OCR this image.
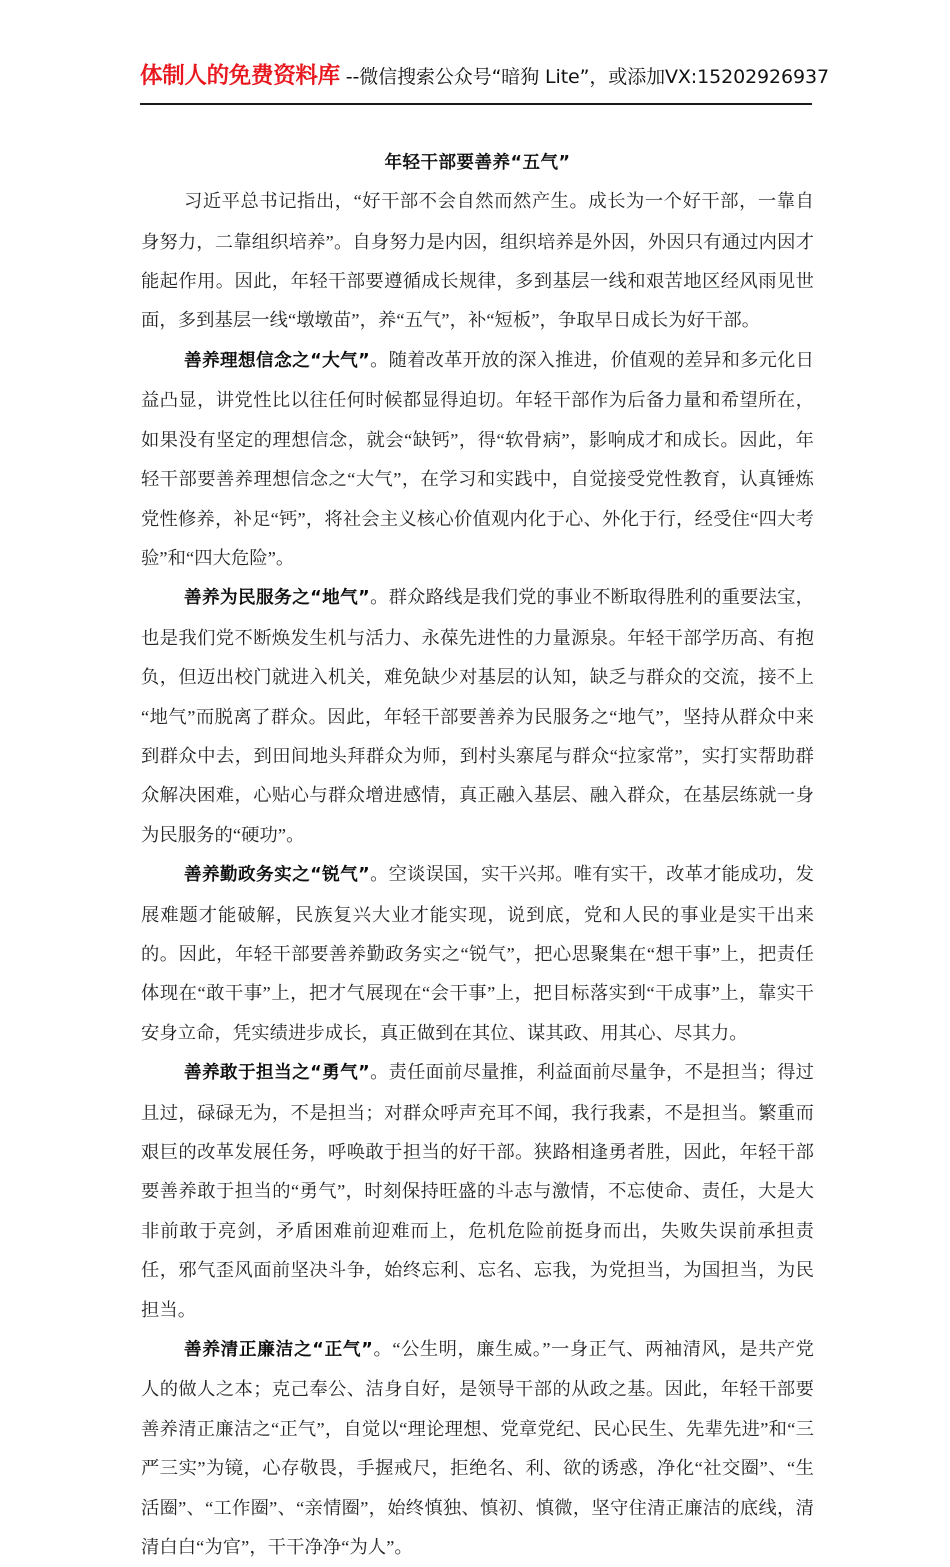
体制人的免费资料库 --微信搜索公众号“暗狗 Lite”，或添加VX:15202926937
年轻干部要善养“五气”

习近平总书记指出，“好干部不会自然而然产生。成长为一个好干部，一靠自身努力，二靠组织培养”。自身努力是内因，组织培养是外因，外因只有通过内因才能起作用。因此，年轻干部要遵循成长规律，多到基层一线和艰苦地区经风雨见世面，多到基层一线“墩墩苗”，养“五气”，补“短板”，争取早日成长为好干部。

善养理想信念之“大气”。随着改革开放的深入推进，价值观的差异和多元化日益凸显，讲党性比以往任何时候都显得迫切。年轻干部作为后备力量和希望所在，如果没有坚定的理想信念，就会“缺钙”，得“软骨病”，影响成才和成长。因此，年轻干部要善养理想信念之“大气”，在学习和实践中，自觉接受党性教育，认真锤炼党性修养，补足“钙”，将社会主义核心价值观内化于心、外化于行，经受住“四大考验”和“四大危险”。

善养为民服务之“地气”。群众路线是我们党的事业不断取得胜利的重要法宝，也是我们党不断焕发生机与活力、永葆先进性的力量源泉。年轻干部学历高、有抱负，但迈出校门就进入机关，难免缺少对基层的认知，缺乏与群众的交流，接不上“地气”而脱离了群众。因此，年轻干部要善养为民服务之“地气”，坚持从群众中来到群众中去，到田间地头拜群众为师，到村头寨尾与群众“拉家常”，实打实帮助群众解决困难，心贴心与群众增进感情，真正融入基层、融入群众，在基层练就一身为民服务的“硬功”。

善养勤政务实之“锐气”。空谈误国，实干兴邦。唯有实干，改革才能成功，发展难题才能破解，民族复兴大业才能实现，说到底，党和人民的事业是实干出来的。因此，年轻干部要善养勤政务实之“锐气”，把心思聚集在“想干事”上，把责任体现在“敢干事”上，把才气展现在“会干事”上，把目标落实到“干成事”上，靠实干安身立命，凭实绩进步成长，真正做到在其位、谋其政、用其心、尽其力。

善养敢于担当之“勇气”。责任面前尽量推，利益面前尽量争，不是担当；得过且过，碌碌无为，不是担当；对群众呼声充耳不闻，我行我素，不是担当。繁重而艰巨的改革发展任务，呼唤敢于担当的好干部。狭路相逢勇者胜，因此，年轻干部要善养敢于担当的“勇气”，时刻保持旺盛的斗志与激情，不忘使命、责任，大是大非前敢于亮剑，矛盾困难前迎难而上，危机危险前挺身而出，失败失误前承担责任，邪气歪风面前坚决斗争，始终忘利、忘名、忘我，为党担当，为国担当，为民担当。

善养清正廉洁之“正气”。“公生明，廉生威。”一身正气、两袖清风，是共产党人的做人之本；克己奉公、洁身自好，是领导干部的从政之基。因此，年轻干部要善养清正廉洁之“正气”，自觉以“理论理想、党章党纪、民心民生、先辈先进”和“三严三实”为镜，心存敬畏，手握戒尺，拒绝名、利、欲的诱惑，净化“社交圈”、“生活圈”、“工作圈”、“亲情圈”，始终慎独、慎初、慎微，坚守住清正廉洁的底线，清清白白“为官”，干干净净“为人”。
